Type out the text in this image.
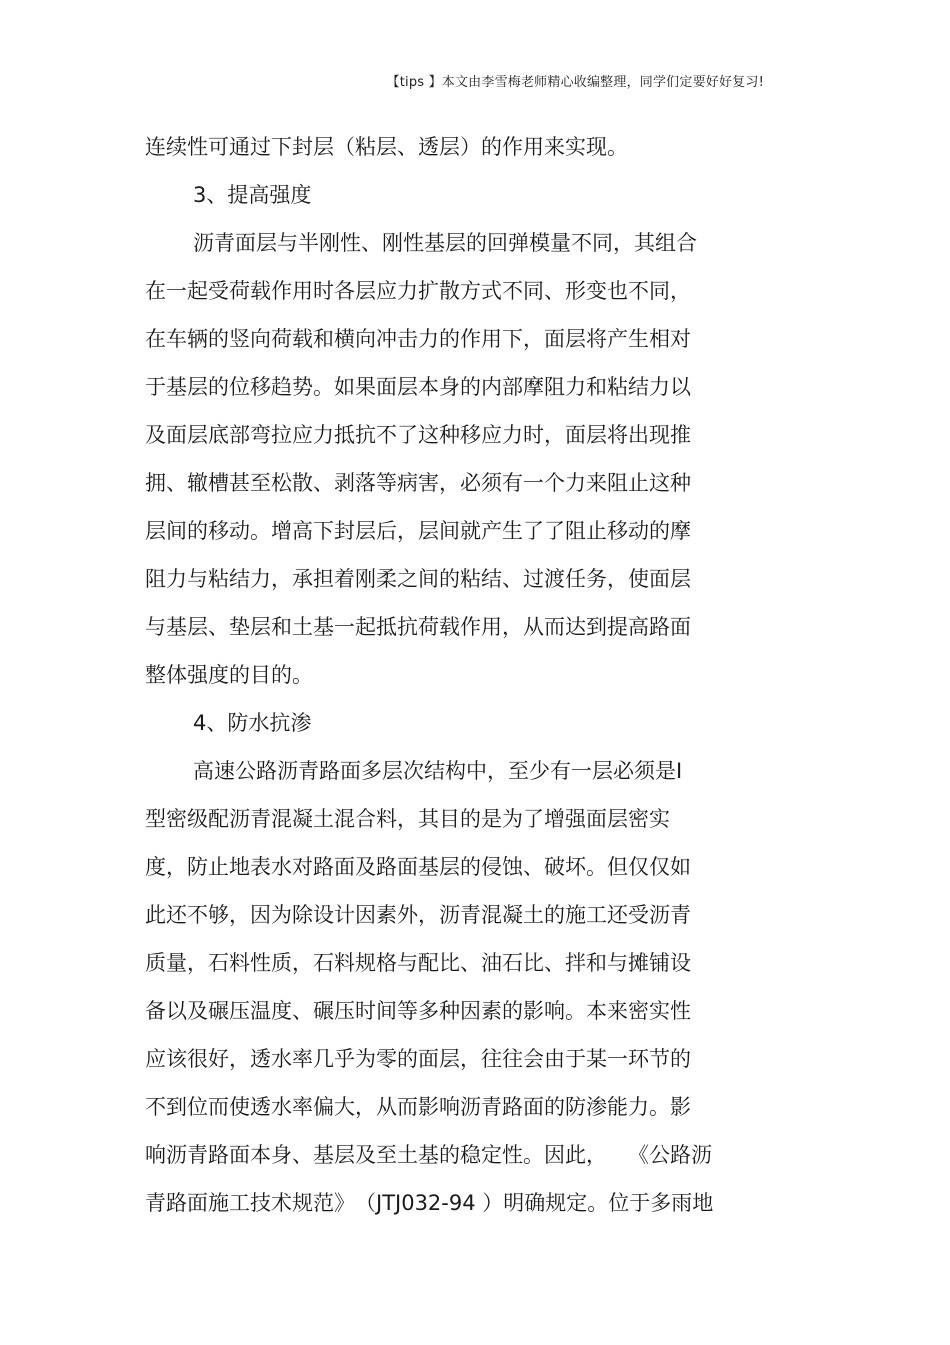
【tips 】本文由李雪梅老师精心收编整理，同学们定要好好复习!
连续性可通过下封层（粘层、透层）的作用来实现。
3、提高强度
沥青面层与半刚性、刚性基层的回弹模量不同，其组合
在一起受荷载作用时各层应力扩散方式不同、形变也不同，
在车辆的竖向荷载和横向冲击力的作用下，面层将产生相对
于基层的位移趋势。如果面层本身的内部摩阻力和粘结力以
及面层底部弯拉应力抵抗不了这种移应力时，面层将出现推
拥、辙槽甚至松散、剥落等病害，必须有一个力来阻止这种
层间的移动。增高下封层后，层间就产生了了阻止移动的摩
阻力与粘结力，承担着刚柔之间的粘结、过渡任务，使面层
与基层、垫层和土基一起抵抗荷载作用，从而达到提高路面
整体强度的目的。
4、防水抗渗
高速公路沥青路面多层次结构中，至少有一层必须是Ⅰ
型密级配沥青混凝土混合料，其目的是为了增强面层密实
度，防止地表水对路面及路面基层的侵蚀、破坏。但仅仅如
此还不够，因为除设计因素外，沥青混凝土的施工还受沥青
质量，石料性质，石料规格与配比、油石比、拌和与摊铺设
备以及碾压温度、碾压时间等多种因素的影响。本来密实性
应该很好，透水率几乎为零的面层，往往会由于某一环节的
不到位而使透水率偏大，从而影响沥青路面的防渗能力。影
响沥青路面本身、基层及至土基的稳定性。因此，　　《公路沥
青路面施工技术规范》　（JTJ032-94 ）明确规定。位于多雨地
